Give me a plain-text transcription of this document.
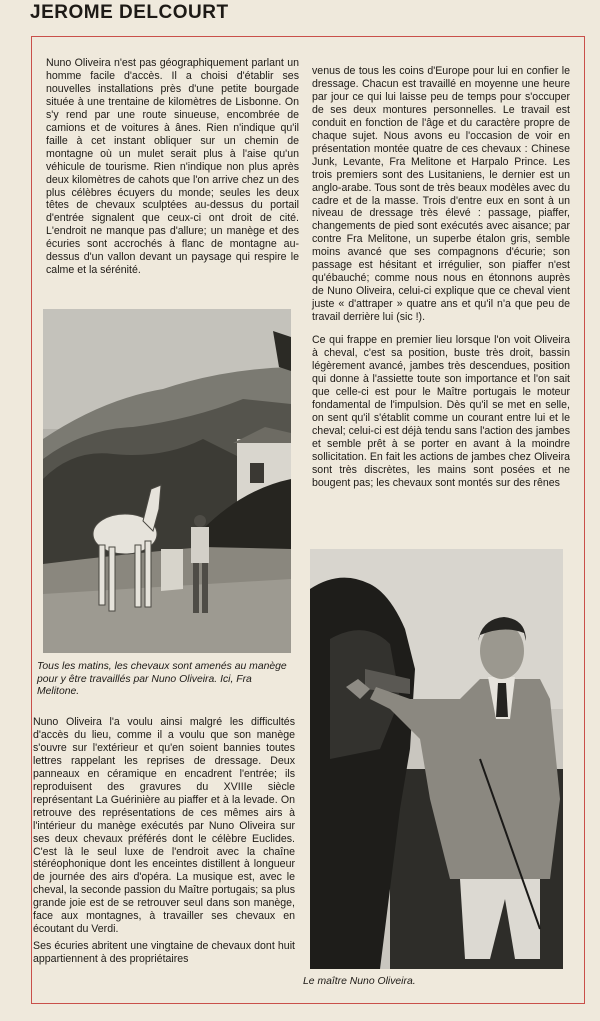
JEROME DELCOURT

Nuno Oliveira n'est pas géographiquement parlant un homme facile d'accès. Il a choisi d'établir ses nouvelles installations près d'une petite bourgade située à une trentaine de kilomètres de Lisbonne. On s'y rend par une route sinueuse, encombrée de camions et de voitures à ânes. Rien n'indique qu'il faille à cet instant obliquer sur un chemin de montagne où un mulet serait plus à l'aise qu'un véhicule de tourisme. Rien n'indique non plus après deux kilomètres de cahots que l'on arrive chez un des plus célèbres écuyers du monde; seules les deux têtes de chevaux sculptées au-dessus du portail d'entrée signalent que ceux-ci ont droit de cité. L'endroit ne manque pas d'allure; un manège et des écuries sont accrochés à flanc de montagne au-dessus d'un vallon devant un paysage qui respire le calme et la sérénité.

Tous les matins, les chevaux sont amenés au manège pour y être travaillés par Nuno Oliveira. Ici, Fra Melitone.

Nuno Oliveira l'a voulu ainsi malgré les difficultés d'accès du lieu, comme il a voulu que son manège s'ouvre sur l'extérieur et qu'en soient bannies toutes lettres rappelant les reprises de dressage. Deux panneaux en céramique en encadrent l'entrée; ils reproduisent des gravures du XVIIIe siècle représentant La Guérinière au piaffer et à la levade. On retrouve des représentations de ces mêmes airs à l'intérieur du manège exécutés par Nuno Oliveira sur ses deux chevaux préférés dont le célèbre Euclides. C'est là le seul luxe de l'endroit avec la chaîne stéréophonique dont les enceintes distillent à longueur de journée des airs d'opéra. La musique est, avec le cheval, la seconde passion du Maître portugais; sa plus grande joie est de se retrouver seul dans son manège, face aux montagnes, à travailler ses chevaux en écoutant du Verdi.

Ses écuries abritent une vingtaine de chevaux dont huit appartiennent à des propriétaires

venus de tous les coins d'Europe pour lui en confier le dressage. Chacun est travaillé en moyenne une heure par jour ce qui lui laisse peu de temps pour s'occuper de ses deux montures personnelles. Le travail est conduit en fonction de l'âge et du caractère propre de chaque sujet. Nous avons eu l'occasion de voir en présentation montée quatre de ces chevaux : Chinese Junk, Levante, Fra Melitone et Harpalo Prince. Les trois premiers sont des Lusitaniens, le dernier est un anglo-arabe. Tous sont de très beaux modèles avec du cadre et de la masse. Trois d'entre eux en sont à un niveau de dressage très élevé : passage, piaffer, changements de pied sont exécutés avec aisance; par contre Fra Melitone, un superbe étalon gris, semble moins avancé que ses compagnons d'écurie; son passage est hésitant et irrégulier, son piaffer n'est qu'ébauché; comme nous nous en étonnons auprès de Nuno Oliveira, celui-ci explique que ce cheval vient juste « d'attraper » quatre ans et qu'il n'a que peu de travail derrière lui (sic !).

Ce qui frappe en premier lieu lorsque l'on voit Oliveira à cheval, c'est sa position, buste très droit, bassin légèrement avancé, jambes très descendues, position qui donne à l'assiette toute son importance et l'on sait que celle-ci est pour le Maître portugais le moteur fondamental de l'impulsion. Dès qu'il se met en selle, on sent qu'il s'établit comme un courant entre lui et le cheval; celui-ci est déjà tendu sans l'action des jambes et semble prêt à se porter en avant à la moindre sollicitation. En fait les actions de jambes chez Oliveira sont très discrètes, les mains sont posées et ne bougent pas; les chevaux sont montés sur des rênes

Le maître Nuno Oliveira.
